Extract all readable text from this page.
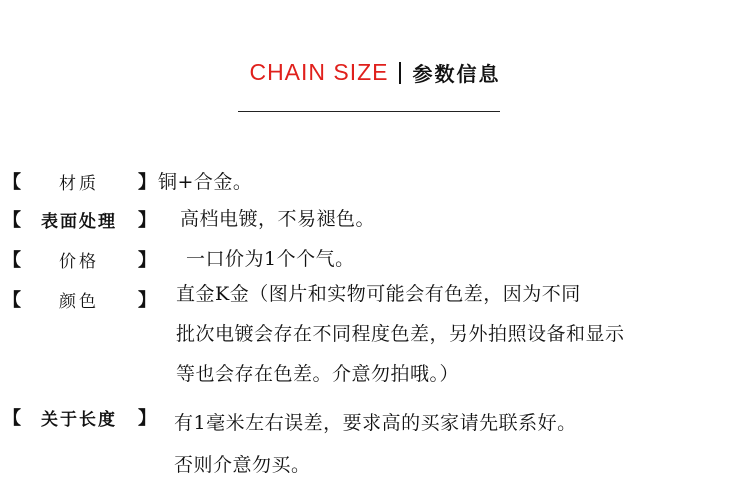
CHAIN SIZE 参数信息
【	材质	】 铜+合金。
【	表面处理	】 高档电镀，不易褪色。
【	价格	】 一口价为1个个气。
【	颜色	】 直金K金（图片和实物可能会有色差，因为不同
批次电镀会存在不同程度色差，另外拍照设备和显示
等也会存在色差。介意勿拍哦。）
【	关于长度	】 有1毫米左右误差，要求高的买家请先联系好。
否则介意勿买。
